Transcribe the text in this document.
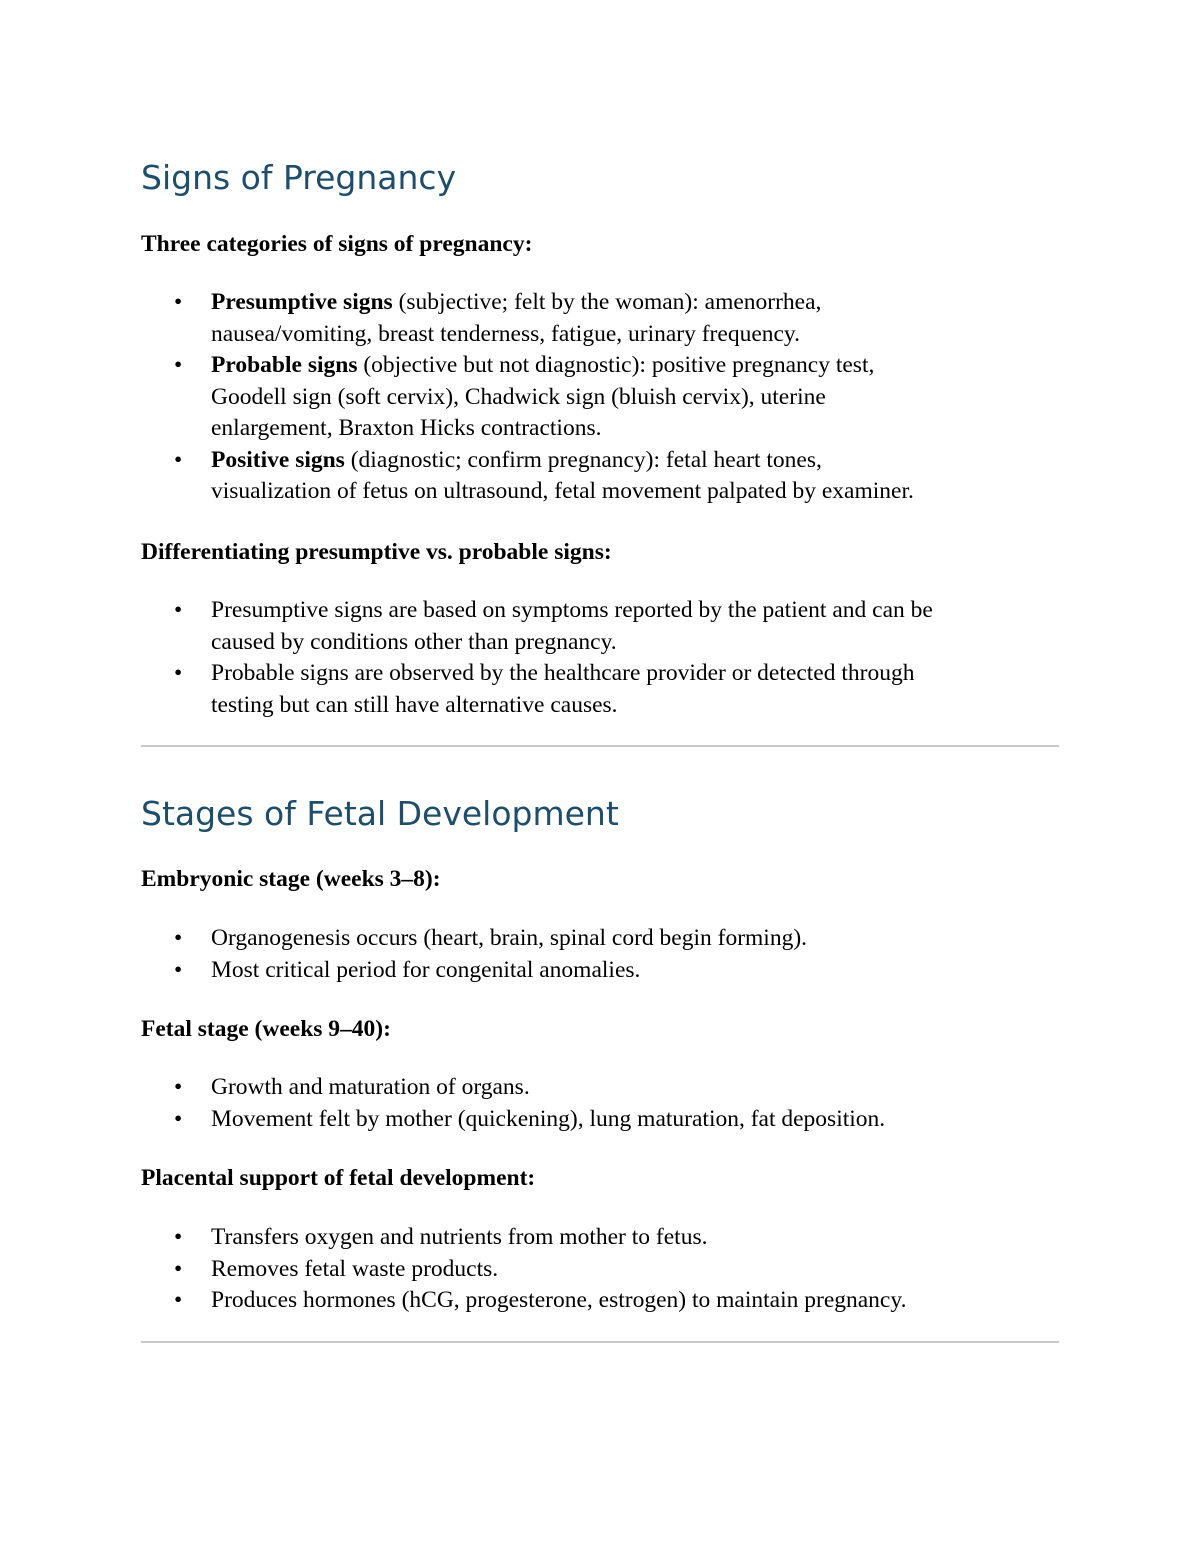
Signs of Pregnancy

Three categories of signs of pregnancy:

• Presumptive signs (subjective; felt by the woman): amenorrhea,
nausea/vomiting, breast tenderness, fatigue, urinary frequency.
• Probable signs (objective but not diagnostic): positive pregnancy test,
Goodell sign (soft cervix), Chadwick sign (bluish cervix), uterine
enlargement, Braxton Hicks contractions.
• Positive signs (diagnostic; confirm pregnancy): fetal heart tones,
visualization of fetus on ultrasound, fetal movement palpated by examiner.

Differentiating presumptive vs. probable signs:

• Presumptive signs are based on symptoms reported by the patient and can be
caused by conditions other than pregnancy.
• Probable signs are observed by the healthcare provider or detected through
testing but can still have alternative causes.
Stages of Fetal Development

Embryonic stage (weeks 3–8):

• Organogenesis occurs (heart, brain, spinal cord begin forming).
• Most critical period for congenital anomalies.

Fetal stage (weeks 9–40):

• Growth and maturation of organs.
• Movement felt by mother (quickening), lung maturation, fat deposition.

Placental support of fetal development:

• Transfers oxygen and nutrients from mother to fetus.
• Removes fetal waste products.
• Produces hormones (hCG, progesterone, estrogen) to maintain pregnancy.
